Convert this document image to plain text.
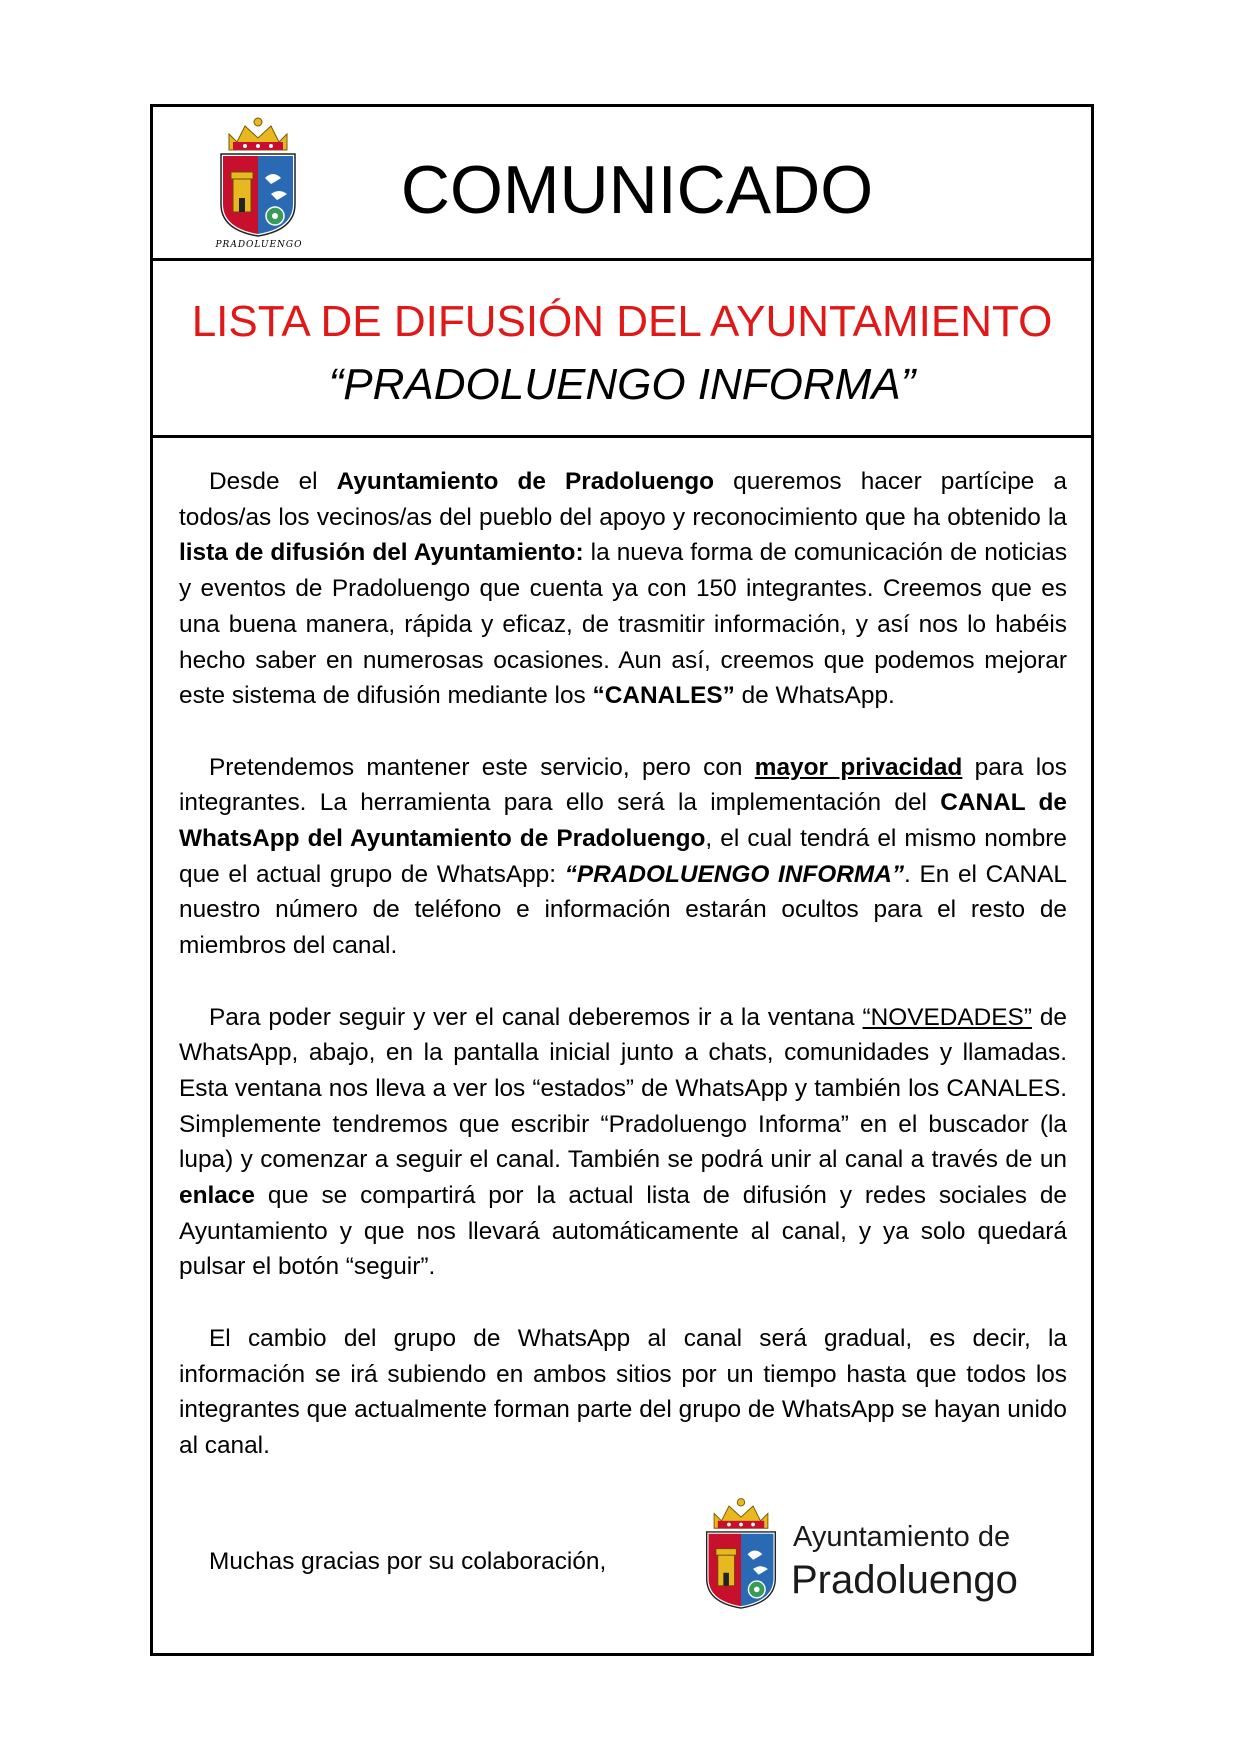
PRADOLUENGO
COMUNICADO
LISTA DE DIFUSIÓN DEL AYUNTAMIENTO
“PRADOLUENGO INFORMA”

Desde el Ayuntamiento de Pradoluengo queremos hacer partícipe a todos/as los vecinos/as del pueblo del apoyo y reconocimiento que ha obtenido la lista de difusión del Ayuntamiento: la nueva forma de comunicación de noticias y eventos de Pradoluengo que cuenta ya con 150 integrantes. Creemos que es una buena manera, rápida y eficaz, de trasmitir información, y así nos lo habéis hecho saber en numerosas ocasiones. Aun así, creemos que podemos mejorar este sistema de difusión mediante los “CANALES” de WhatsApp.

Pretendemos mantener este servicio, pero con mayor privacidad para los integrantes. La herramienta para ello será la implementación del CANAL de WhatsApp del Ayuntamiento de Pradoluengo, el cual tendrá el mismo nombre que el actual grupo de WhatsApp: “PRADOLUENGO INFORMA”. En el CANAL nuestro número de teléfono e información estarán ocultos para el resto de miembros del canal.

Para poder seguir y ver el canal deberemos ir a la ventana “NOVEDADES” de WhatsApp, abajo, en la pantalla inicial junto a chats, comunidades y llamadas. Esta ventana nos lleva a ver los “estados” de WhatsApp y también los CANALES. Simplemente tendremos que escribir “Pradoluengo Informa” en el buscador (la lupa) y comenzar a seguir el canal. También se podrá unir al canal a través de un enlace que se compartirá por la actual lista de difusión y redes sociales de Ayuntamiento y que nos llevará automáticamente al canal, y ya solo quedará pulsar el botón “seguir”.

El cambio del grupo de WhatsApp al canal será gradual, es decir, la información se irá subiendo en ambos sitios por un tiempo hasta que todos los integrantes que actualmente forman parte del grupo de WhatsApp se hayan unido al canal.

Muchas gracias por su colaboración,
Ayuntamiento de
Pradoluengo
